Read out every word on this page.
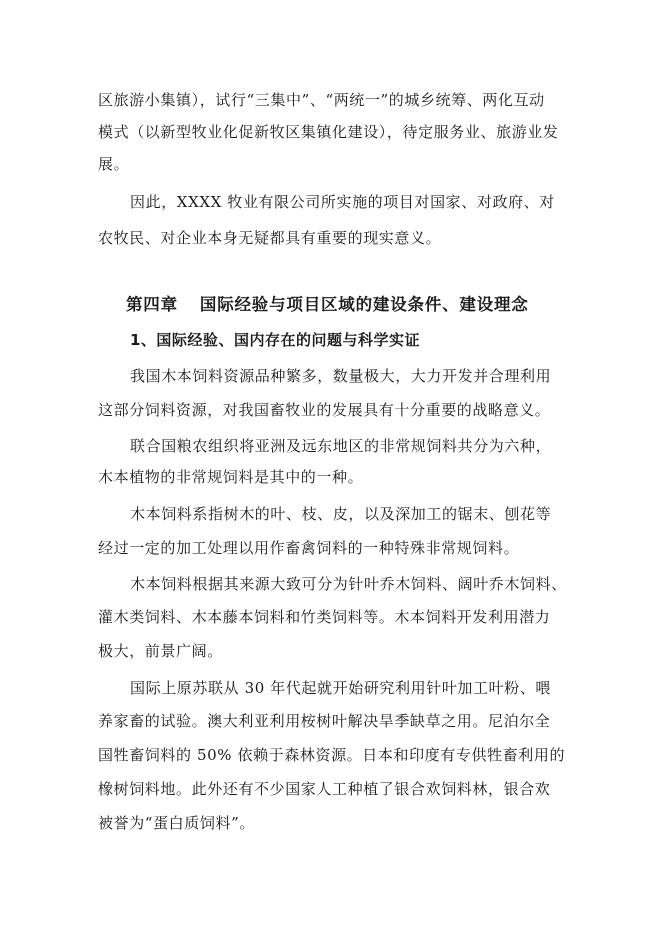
区旅游小集镇），试行“三集中”、“两统一”的城乡统筹、两化互动
模式（以新型牧业化促新牧区集镇化建设），待定服务业、旅游业发
展。
因此，XXXX 牧业有限公司所实施的项目对国家、对政府、对
农牧民、对企业本身无疑都具有重要的现实意义。
第四章 国际经验与项目区域的建设条件、建设理念
1、国际经验、国内存在的问题与科学实证
我国木本饲料资源品种繁多，数量极大，大力开发并合理利用
这部分饲料资源，对我国畜牧业的发展具有十分重要的战略意义。
联合国粮农组织将亚洲及远东地区的非常规饲料共分为六种，
木本植物的非常规饲料是其中的一种。
木本饲料系指树木的叶、枝、皮，以及深加工的锯末、刨花等
经过一定的加工处理以用作畜禽饲料的一种特殊非常规饲料。
木本饲料根据其来源大致可分为针叶乔木饲料、阔叶乔木饲料、
灌木类饲料、木本藤本饲料和竹类饲料等。木本饲料开发利用潜力
极大，前景广阔。
国际上原苏联从 30 年代起就开始研究利用针叶加工叶粉、喂
养家畜的试验。澳大利亚利用桉树叶解决旱季缺草之用。尼泊尔全
国牲畜饲料的 50% 依赖于森林资源。日本和印度有专供牲畜利用的
橡树饲料地。此外还有不少国家人工种植了银合欢饲料林，银合欢
被誉为“蛋白质饲料”。
